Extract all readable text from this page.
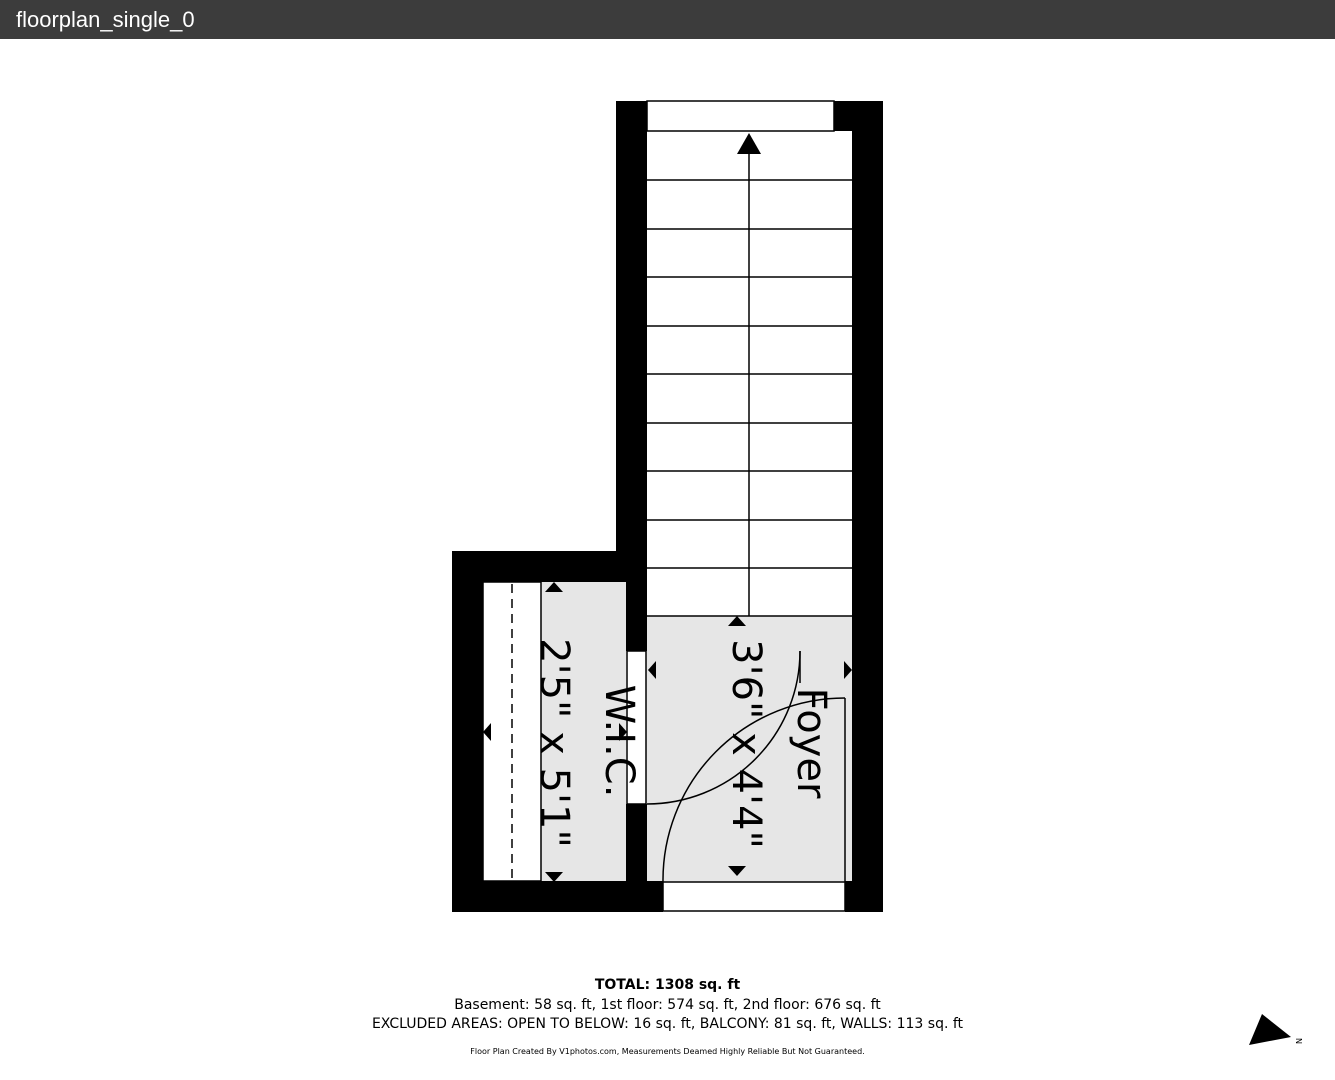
floorplan_single_0
Foyer
3'6" x 4'4"
W.I.C.
2'5" x 5'1"
TOTAL: 1308 sq. ft
Basement: 58 sq. ft, 1st floor: 574 sq. ft, 2nd floor: 676 sq. ft
EXCLUDED AREAS: OPEN TO BELOW: 16 sq. ft, BALCONY: 81 sq. ft, WALLS: 113 sq. ft
Floor Plan Created By V1photos.com, Measurements Deamed Highly Reliable But Not Guaranteed.
N
